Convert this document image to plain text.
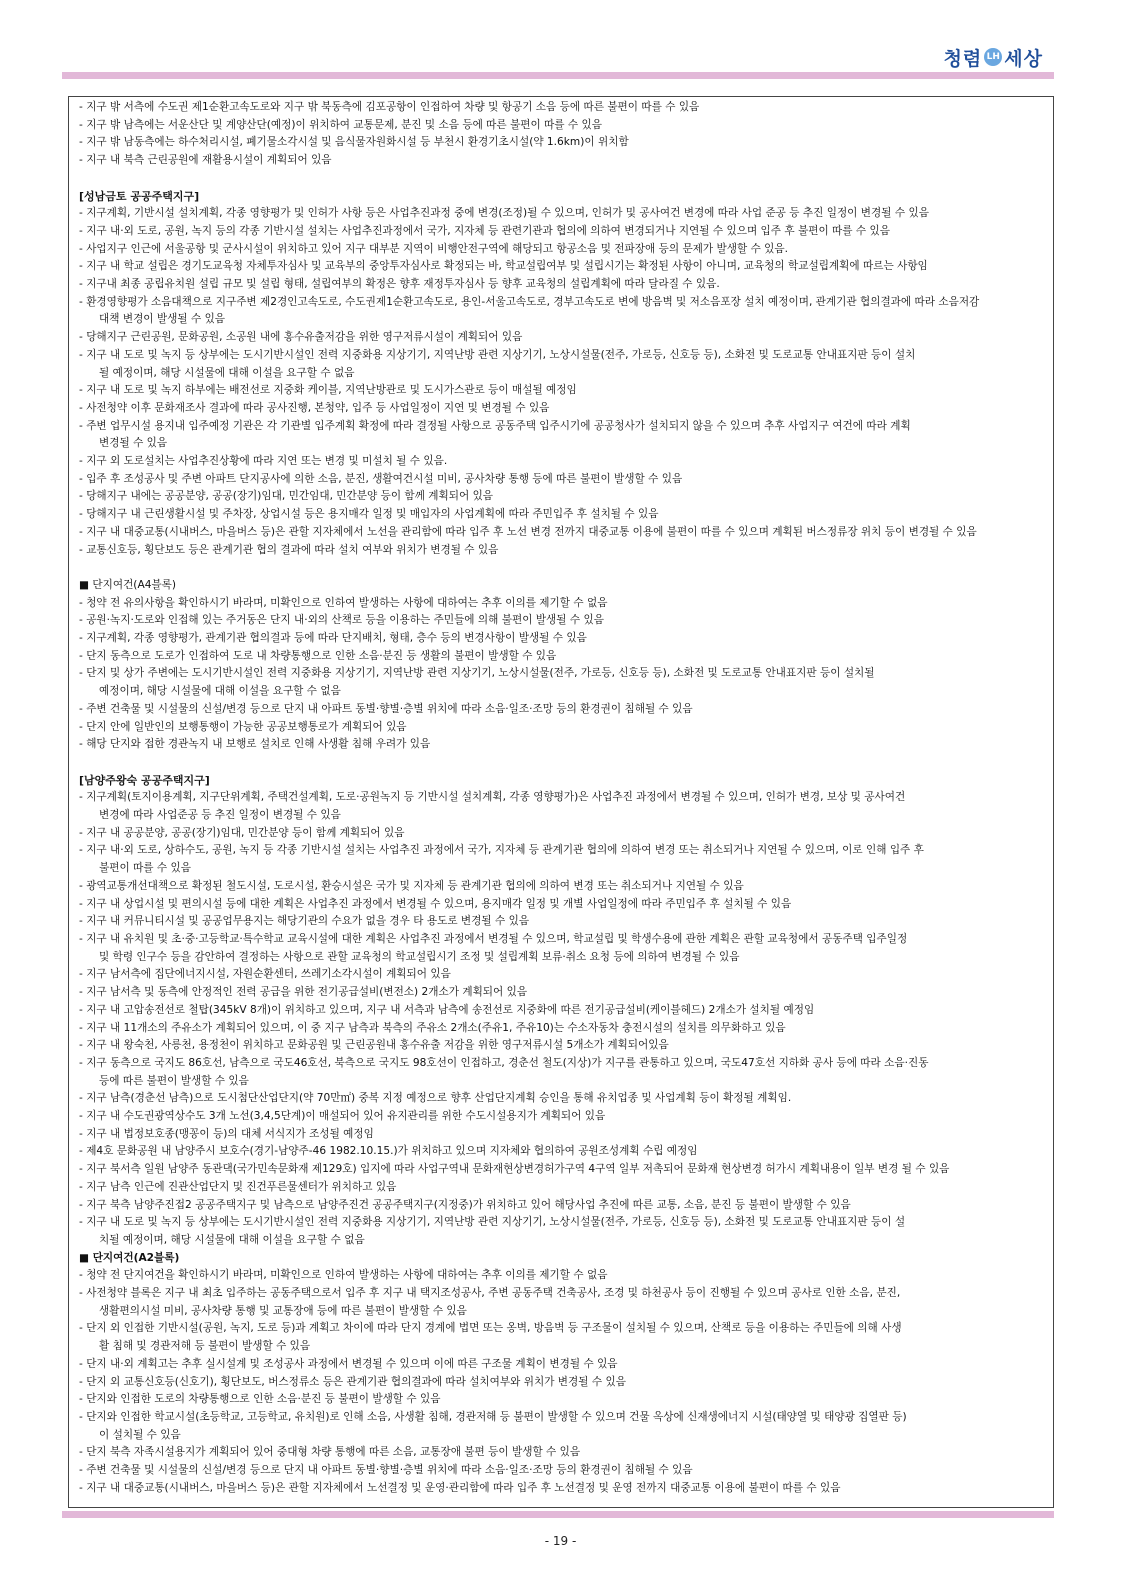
청렴 LH 세상
- 지구 밖 서측에 수도권 제1순환고속도로와 지구 밖 북동측에 김포공항이 인접하여 차량 및 항공기 소음 등에 따른 불편이 따를 수 있음
- 지구 밖 남측에는 서운산단 및 계양산단(예정)이 위치하여 교통문제, 분진 및 소음 등에 따른 불편이 따를 수 있음
- 지구 밖 남동측에는 하수처리시설, 폐기물소각시설 및 음식물자원화시설 등 부천시 환경기초시설(약 1.6km)이 위치함
- 지구 내 북측 근린공원에 재활용시설이 계획되어 있음
[성남금토 공공주택지구]
- 지구계획, 기반시설 설치계획, 각종 영향평가 및 인허가 사항 등은 사업추진과정 중에 변경(조정)될 수 있으며, 인허가 및 공사여건 변경에 따라 사업 준공 등 추진 일정이 변경될 수 있음
- 지구 내·외 도로, 공원, 녹지 등의 각종 기반시설 설치는 사업추진과정에서 국가, 지자체 등 관련기관과 협의에 의하여 변경되거나 지연될 수 있으며 입주 후 불편이 따를 수 있음
- 사업지구 인근에 서울공항 및 군사시설이 위치하고 있어 지구 대부분 지역이 비행안전구역에 해당되고 항공소음 및 전파장애 등의 문제가 발생할 수 있음.
- 지구 내 학교 설립은 경기도교육청 자체투자심사 및 교육부의 중앙투자심사로 확정되는 바, 학교설립여부 및 설립시기는 확정된 사항이 아니며, 교육청의 학교설립계획에 따르는 사항임
- 지구내 최종 공립유치원 설립 규모 및 설립 형태, 설립여부의 확정은 향후 재정투자심사 등 향후 교육청의 설립계획에 따라 달라질 수 있음.
- 환경영향평가 소음대책으로 지구주변 제2경인고속도로, 수도권제1순환고속도로, 용인-서울고속도로, 경부고속도로 변에 방음벽 및 저소음포장 설치 예정이며, 관계기관 협의결과에 따라 소음저감
대책 변경이 발생될 수 있음
- 당해지구 근린공원, 문화공원, 소공원 내에 홍수유출저감을 위한 영구저류시설이 계획되어 있음
- 지구 내 도로 및 녹지 등 상부에는 도시기반시설인 전력 지중화용 지상기기, 지역난방 관련 지상기기, 노상시설물(전주, 가로등, 신호등 등), 소화전 및 도로교통 안내표지판 등이 설치
될 예정이며, 해당 시설물에 대해 이설을 요구할 수 없음
- 지구 내 도로 및 녹지 하부에는 배전선로 지중화 케이블, 지역난방관로 및 도시가스관로 등이 매설될 예정임
- 사전청약 이후 문화재조사 결과에 따라 공사진행, 본청약, 입주 등 사업일정이 지연 및 변경될 수 있음
- 주변 업무시설 용지내 입주예정 기관은 각 기관별 입주계획 확정에 따라 결정될 사항으로 공동주택 입주시기에 공공청사가 설치되지 않을 수 있으며 추후 사업지구 여건에 따라 계획
변경될 수 있음
- 지구 외 도로설치는 사업추진상황에 따라 지연 또는 변경 및 미설치 될 수 있음.
- 입주 후 조성공사 및 주변 아파트 단지공사에 의한 소음, 분진, 생활여건시설 미비, 공사차량 통행 등에 따른 불편이 발생할 수 있음
- 당해지구 내에는 공공분양, 공공(장기)임대, 민간임대, 민간분양 등이 함께 계획되어 있음
- 당해지구 내 근린생활시설 및 주차장, 상업시설 등은 용지매각 일정 및 매입자의 사업계획에 따라 주민입주 후 설치될 수 있음
- 지구 내 대중교통(시내버스, 마을버스 등)은 관할 지자체에서 노선을 관리함에 따라 입주 후 노선 변경 전까지 대중교통 이용에 불편이 따를 수 있으며 계획된 버스정류장 위치 등이 변경될 수 있음
- 교통신호등, 횡단보도 등은 관계기관 협의 결과에 따라 설치 여부와 위치가 변경될 수 있음
■ 단지여건(A4블록)
- 청약 전 유의사항을 확인하시기 바라며, 미확인으로 인하여 발생하는 사항에 대하여는 추후 이의를 제기할 수 없음
- 공원·녹지·도로와 인접해 있는 주거동은 단지 내·외의 산책로 등을 이용하는 주민들에 의해 불편이 발생될 수 있음
- 지구계획, 각종 영향평가, 관계기관 협의결과 등에 따라 단지배치, 형태, 층수 등의 변경사항이 발생될 수 있음
- 단지 동측으로 도로가 인접하여 도로 내 차량통행으로 인한 소음·분진 등 생활의 불편이 발생할 수 있음
- 단지 및 상가 주변에는 도시기반시설인 전력 지중화용 지상기기, 지역난방 관련 지상기기, 노상시설물(전주, 가로등, 신호등 등), 소화전 및 도로교통 안내표지판 등이 설치될
예정이며, 해당 시설물에 대해 이설을 요구할 수 없음
- 주변 건축물 및 시설물의 신설/변경 등으로 단지 내 아파트 동별·향별·층별 위치에 따라 소음·일조·조망 등의 환경권이 침해될 수 있음
- 단지 안에 일반인의 보행통행이 가능한 공공보행통로가 계획되어 있음
- 해당 단지와 접한 경관녹지 내 보행로 설치로 인해 사생활 침해 우려가 있음
[남양주왕숙 공공주택지구]
- 지구계획(토지이용계획, 지구단위계획, 주택건설계획, 도로·공원녹지 등 기반시설 설치계획, 각종 영향평가)은 사업추진 과정에서 변경될 수 있으며, 인허가 변경, 보상 및 공사여건
변경에 따라 사업준공 등 추진 일정이 변경될 수 있음
- 지구 내 공공분양, 공공(장기)임대, 민간분양 등이 함께 계획되어 있음
- 지구 내·외 도로, 상하수도, 공원, 녹지 등 각종 기반시설 설치는 사업추진 과정에서 국가, 지자체 등 관계기관 협의에 의하여 변경 또는 취소되거나 지연될 수 있으며, 이로 인해 입주 후
불편이 따를 수 있음
- 광역교통개선대책으로 확정된 철도시설, 도로시설, 환승시설은 국가 및 지자체 등 관계기관 협의에 의하여 변경 또는 취소되거나 지연될 수 있음
- 지구 내 상업시설 및 편의시설 등에 대한 계획은 사업추진 과정에서 변경될 수 있으며, 용지매각 일정 및 개별 사업일정에 따라 주민입주 후 설치될 수 있음
- 지구 내 커뮤니티시설 및 공공업무용지는 해당기관의 수요가 없을 경우 타 용도로 변경될 수 있음
- 지구 내 유치원 및 초·중·고등학교·특수학교 교육시설에 대한 계획은 사업추진 과정에서 변경될 수 있으며, 학교설립 및 학생수용에 관한 계획은 관할 교육청에서 공동주택 입주일정
및 학령 인구수 등을 감안하여 결정하는 사항으로 관할 교육청의 학교설립시기 조정 및 설립계획 보류·취소 요청 등에 의하여 변경될 수 있음
- 지구 남서측에 집단에너지시설, 자원순환센터, 쓰레기소각시설이 계획되어 있음
- 지구 남서측 및 동측에 안정적인 전력 공급을 위한 전기공급설비(변전소) 2개소가 계획되어 있음
- 지구 내 고압송전선로 철탑(345kV 8개)이 위치하고 있으며, 지구 내 서측과 남측에 송전선로 지중화에 따른 전기공급설비(케이블헤드) 2개소가 설치될 예정임
- 지구 내 11개소의 주유소가 계획되어 있으며, 이 중 지구 남측과 북측의 주유소 2개소(주유1, 주유10)는 수소자동차 충전시설의 설치를 의무화하고 있음
- 지구 내 왕숙천, 사릉천, 용정천이 위치하고 문화공원 및 근린공원내 홍수유출 저감을 위한 영구저류시설 5개소가 계획되어있음
- 지구 동측으로 국지도 86호선, 남측으로 국도46호선, 북측으로 국지도 98호선이 인접하고, 경춘선 철도(지상)가 지구를 관통하고 있으며, 국도47호선 지하화 공사 등에 따라 소음·진동
등에 따른 불편이 발생할 수 있음
- 지구 남측(경춘선 남측)으로 도시첨단산업단지(약 70만㎡) 중복 지정 예정으로 향후 산업단지계획 승인을 통해 유치업종 및 사업계획 등이 확정될 계획임.
- 지구 내 수도권광역상수도 3개 노선(3,4,5단계)이 매설되어 있어 유지관리를 위한 수도시설용지가 계획되어 있음
- 지구 내 법정보호종(맹꽁이 등)의 대체 서식지가 조성될 예정임
- 제4호 문화공원 내 남양주시 보호수(경기-남양주-46 1982.10.15.)가 위치하고 있으며 지자체와 협의하여 공원조성계획 수립 예정임
- 지구 북서측 일원 남양주 동관댁(국가민속문화재 제129호) 입지에 따라 사업구역내 문화재현상변경허가구역 4구역 일부 저촉되어 문화재 현상변경 허가시 계획내용이 일부 변경 될 수 있음
- 지구 남측 인근에 진관산업단지 및 진건푸른물센터가 위치하고 있음
- 지구 북측 남양주진접2 공공주택지구 및 남측으로 남양주진건 공공주택지구(지정중)가 위치하고 있어 해당사업 추진에 따른 교통, 소음, 분진 등 불편이 발생할 수 있음
- 지구 내 도로 및 녹지 등 상부에는 도시기반시설인 전력 지중화용 지상기기, 지역난방 관련 지상기기, 노상시설물(전주, 가로등, 신호등 등), 소화전 및 도로교통 안내표지판 등이 설
치될 예정이며, 해당 시설물에 대해 이설을 요구할 수 없음
■ 단지여건(A2블록)
- 청약 전 단지여건을 확인하시기 바라며, 미확인으로 인하여 발생하는 사항에 대하여는 추후 이의를 제기할 수 없음
- 사전청약 블록은 지구 내 최초 입주하는 공동주택으로서 입주 후 지구 내 택지조성공사, 주변 공동주택 건축공사, 조경 및 하천공사 등이 진행될 수 있으며 공사로 인한 소음, 분진,
생활편의시설 미비, 공사차량 통행 및 교통장애 등에 따른 불편이 발생할 수 있음
- 단지 외 인접한 기반시설(공원, 녹지, 도로 등)과 계획고 차이에 따라 단지 경계에 법면 또는 옹벽, 방음벽 등 구조물이 설치될 수 있으며, 산책로 등을 이용하는 주민들에 의해 사생
활 침해 및 경관저해 등 불편이 발생할 수 있음
- 단지 내·외 계획고는 추후 실시설계 및 조성공사 과정에서 변경될 수 있으며 이에 따른 구조물 계획이 변경될 수 있음
- 단지 외 교통신호등(신호기), 횡단보도, 버스정류소 등은 관계기관 협의결과에 따라 설치여부와 위치가 변경될 수 있음
- 단지와 인접한 도로의 차량통행으로 인한 소음·분진 등 불편이 발생할 수 있음
- 단지와 인접한 학교시설(초등학교, 고등학교, 유치원)로 인해 소음, 사생활 침해, 경관저해 등 불편이 발생할 수 있으며 건물 옥상에 신재생에너지 시설(태양열 및 태양광 집열판 등)
이 설치될 수 있음
- 단지 북측 자족시설용지가 계획되어 있어 중대형 차량 통행에 따른 소음, 교통장애 불편 등이 발생할 수 있음
- 주변 건축물 및 시설물의 신설/변경 등으로 단지 내 아파트 동별·향별·층별 위치에 따라 소음·일조·조망 등의 환경권이 침해될 수 있음
- 지구 내 대중교통(시내버스, 마을버스 등)은 관할 지자체에서 노선결정 및 운영·관리함에 따라 입주 후 노선결정 및 운영 전까지 대중교통 이용에 불편이 따를 수 있음
- 19 -
